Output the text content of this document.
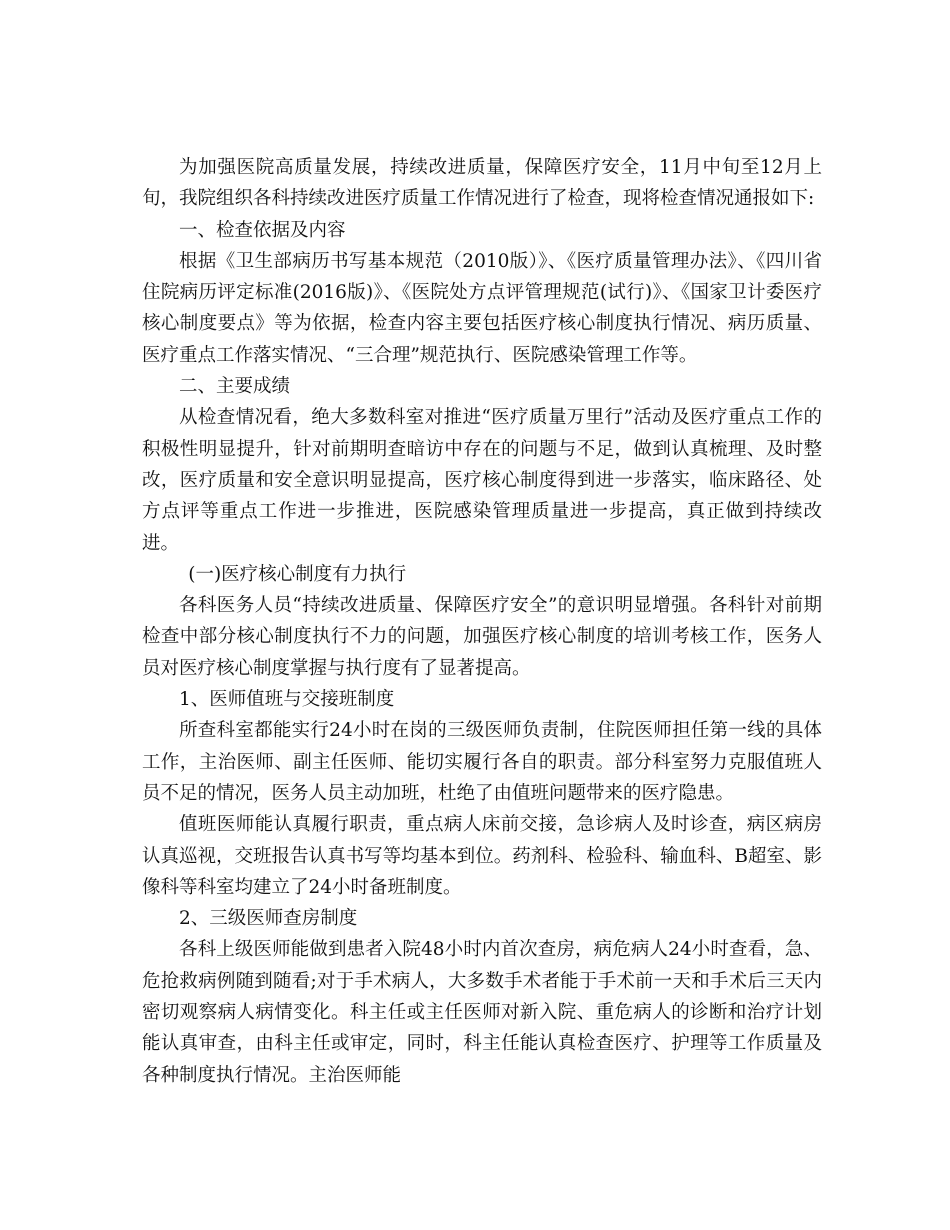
为加强医院高质量发展，持续改进质量，保障医疗安全，11月中旬至12月上旬，我院组织各科持续改进医疗质量工作情况进行了检查，现将检查情况通报如下:

一、检查依据及内容

根据《卫生部病历书写基本规范（2010版）》、《医疗质量管理办法》、《四川省住院病历评定标准(2016版)》、《医院处方点评管理规范(试行)》、《国家卫计委医疗核心制度要点》等为依据，检查内容主要包括医疗核心制度执行情况、病历质量、医疗重点工作落实情况、“三合理”规范执行、医院感染管理工作等。

二、主要成绩

从检查情况看，绝大多数科室对推进“医疗质量万里行”活动及医疗重点工作的积极性明显提升，针对前期明查暗访中存在的问题与不足，做到认真梳理、及时整改，医疗质量和安全意识明显提高，医疗核心制度得到进一步落实，临床路径、处方点评等重点工作进一步推进，医院感染管理质量进一步提高，真正做到持续改进。

(一)医疗核心制度有力执行

各科医务人员“持续改进质量、保障医疗安全”的意识明显增强。各科针对前期检查中部分核心制度执行不力的问题，加强医疗核心制度的培训考核工作，医务人员对医疗核心制度掌握与执行度有了显著提高。

1、医师值班与交接班制度

所查科室都能实行24小时在岗的三级医师负责制，住院医师担任第一线的具体工作，主治医师、副主任医师、能切实履行各自的职责。部分科室努力克服值班人员不足的情况，医务人员主动加班，杜绝了由值班问题带来的医疗隐患。

值班医师能认真履行职责，重点病人床前交接，急诊病人及时诊查，病区病房认真巡视，交班报告认真书写等均基本到位。药剂科、检验科、输血科、B超室、影像科等科室均建立了24小时备班制度。

2、三级医师查房制度

各科上级医师能做到患者入院48小时内首次查房，病危病人24小时查看，急、危抢救病例随到随看;对于手术病人，大多数手术者能于手术前一天和手术后三天内密切观察病人病情变化。科主任或主任医师对新入院、重危病人的诊断和治疗计划能认真审查，由科主任或审定，同时，科主任能认真检查医疗、护理等工作质量及各种制度执行情况。主治医师能
